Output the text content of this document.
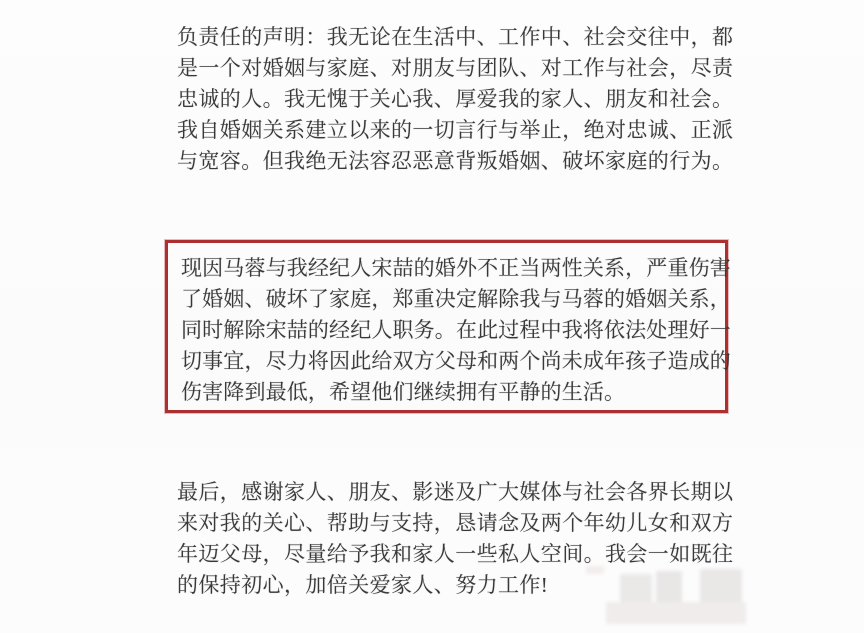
负责任的声明：我无论在生活中、工作中、社会交往中，都
是一个对婚姻与家庭、对朋友与团队、对工作与社会，尽责
忠诚的人。我无愧于关心我、厚爱我的家人、朋友和社会。
我自婚姻关系建立以来的一切言行与举止，绝对忠诚、正派
与宽容。但我绝无法容忍恶意背叛婚姻、破坏家庭的行为。
现因马蓉与我经纪人宋喆的婚外不正当两性关系，严重伤害
了婚姻、破坏了家庭，郑重决定解除我与马蓉的婚姻关系，
同时解除宋喆的经纪人职务。在此过程中我将依法处理好一
切事宜，尽力将因此给双方父母和两个尚未成年孩子造成的
伤害降到最低，希望他们继续拥有平静的生活。
最后，感谢家人、朋友、影迷及广大媒体与社会各界长期以
来对我的关心、帮助与支持，恳请念及两个年幼儿女和双方
年迈父母，尽量给予我和家人一些私人空间。我会一如既往
的保持初心，加倍关爱家人、努力工作!
